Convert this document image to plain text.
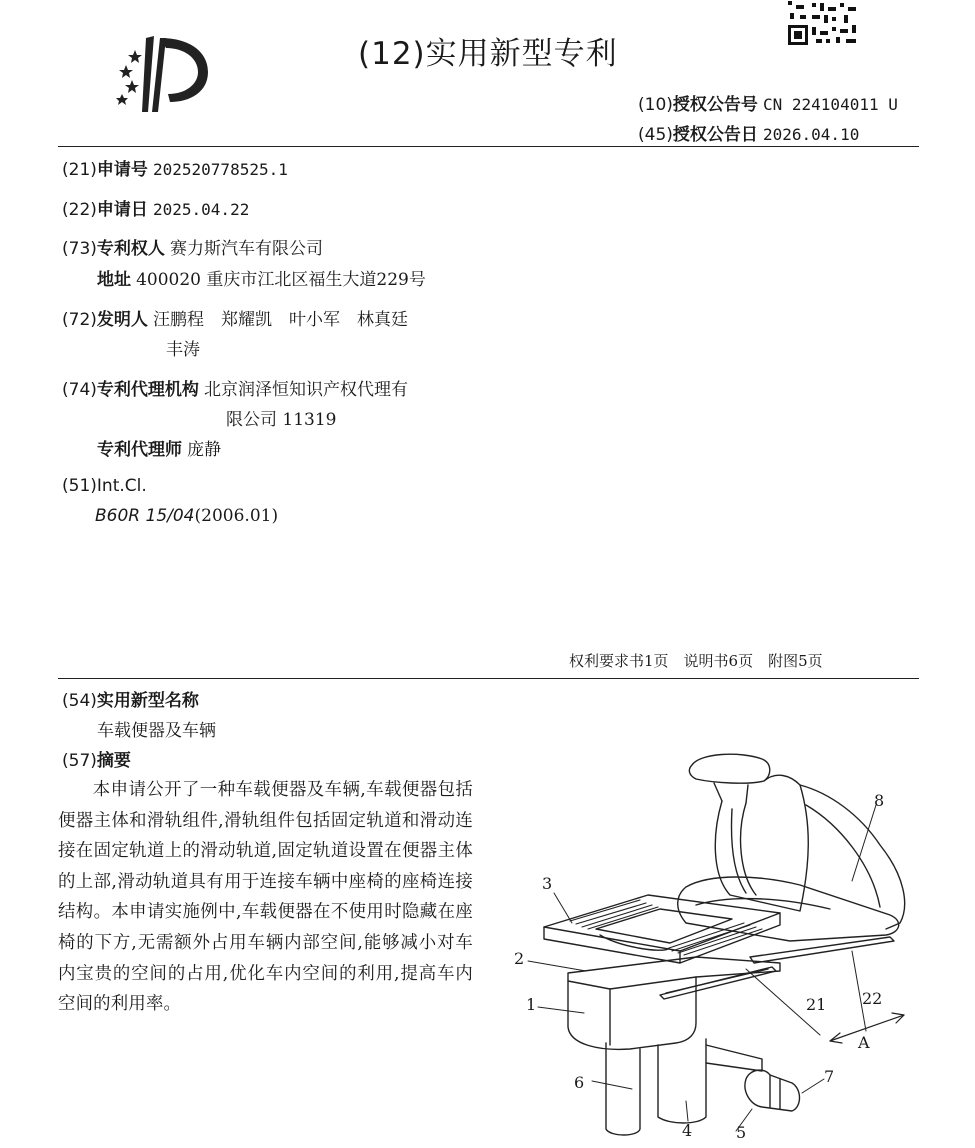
(12)实用新型专利
(10)授权公告号 CN 224104011 U
(45)授权公告日 2026.04.10
(21)申请号 202520778525.1
(22)申请日 2025.04.22
(73)专利权人 赛力斯汽车有限公司
地址 400020 重庆市江北区福生大道229号
(72)发明人 汪鹏程　郑耀凯　叶小军　林真廷
丰涛
(74)专利代理机构 北京润泽恒知识产权代理有
限公司 11319
专利代理师 庞静
(51)Int.Cl.
B60R 15/04(2006.01)
权利要求书1页　说明书6页　附图5页
(54)实用新型名称
车载便器及车辆
(57)摘要
本申请公开了一种车载便器及车辆,车载便器包括便器主体和滑轨组件,滑轨组件包括固定轨道和滑动连接在固定轨道上的滑动轨道,固定轨道设置在便器主体的上部,滑动轨道具有用于连接车辆中座椅的座椅连接结构。本申请实施例中,车载便器在不使用时隐藏在座椅的下方,无需额外占用车辆内部空间,能够减小对车内宝贵的空间的占用,优化车内空间的利用,提高车内空间的利用率。
3
2
1
6
4	5
7
8
21 22
A
